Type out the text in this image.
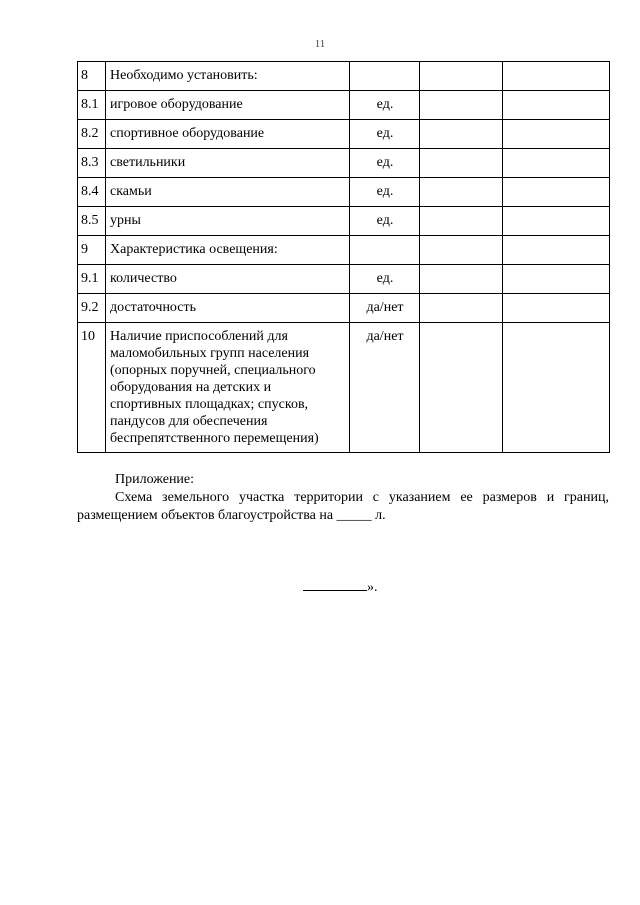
11
8	Необходимо установить:			
8.1	игровое оборудование	ед.		
8.2	спортивное оборудование	ед.		
8.3	светильники	ед.		
8.4	скамьи	ед.		
8.5	урны	ед.		
9	Характеристика освещения:			
9.1	количество	ед.		
9.2	достаточность	да/нет		
10	Наличие приспособлений для маломобильных групп населения (опорных поручней, специального оборудования на детских и спортивных площадках; спусков, пандусов для обеспечения беспрепятственного перемещения)	да/нет		

Приложение:

Схема земельного участка территории с указанием ее размеров и границ, размещением объектов благоустройства на _____ л.

».
